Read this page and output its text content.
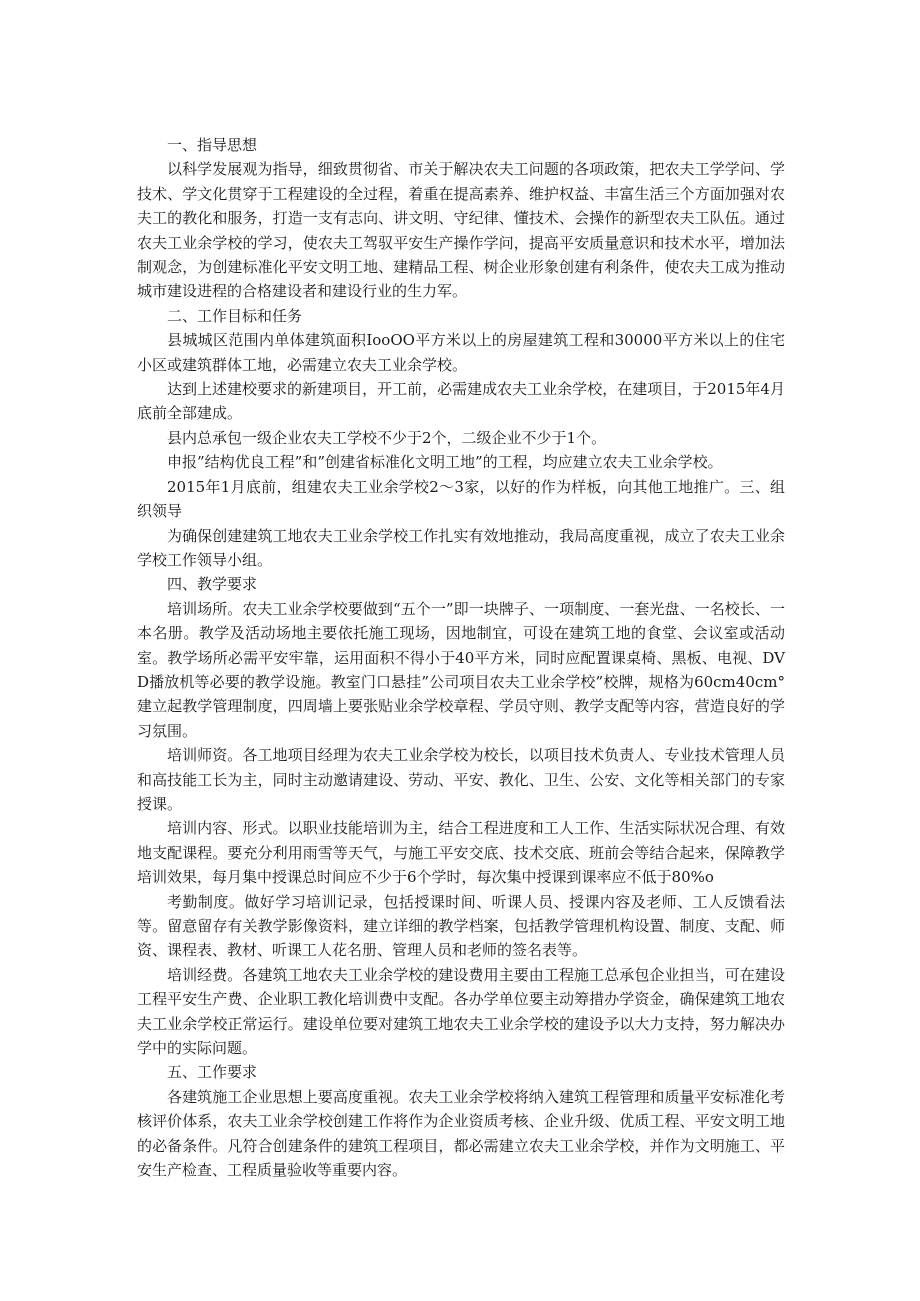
一、指导思想

以科学发展观为指导，细致贯彻省、市关于解决农夫工问题的各项政策，把农夫工学学问、学技术、学文化贯穿于工程建设的全过程，着重在提高素养、维护权益、丰富生活三个方面加强对农夫工的教化和服务，打造一支有志向、讲文明、守纪律、懂技术、会操作的新型农夫工队伍。通过农夫工业余学校的学习，使农夫工驾驭平安生产操作学问，提高平安质量意识和技术水平，增加法制观念，为创建标准化平安文明工地、建精品工程、树企业形象创建有利条件，使农夫工成为推动城市建设进程的合格建设者和建设行业的生力军。

二、工作目标和任务

县城城区范围内单体建筑面积IooOO平方米以上的房屋建筑工程和30000平方米以上的住宅小区或建筑群体工地，必需建立农夫工业余学校。

达到上述建校要求的新建项目，开工前，必需建成农夫工业余学校，在建项目，于2015年4月底前全部建成。

县内总承包一级企业农夫工学校不少于2个，二级企业不少于1个。

申报”结构优良工程”和”创建省标准化文明工地”的工程，均应建立农夫工业余学校。

2015年1月底前，组建农夫工业余学校2～3家，以好的作为样板，向其他工地推广。三、组织领导

为确保创建建筑工地农夫工业余学校工作扎实有效地推动，我局高度重视，成立了农夫工业余学校工作领导小组。

四、教学要求

培训场所。农夫工业余学校要做到“五个一”即一块牌子、一项制度、一套光盘、一名校长、一本名册。教学及活动场地主要依托施工现场，因地制宜，可设在建筑工地的食堂、会议室或活动室。教学场所必需平安牢靠，运用面积不得小于40平方米，同时应配置课桌椅、黑板、电视、DVD播放机等必要的教学设施。教室门口悬挂”公司项目农夫工业余学校”校牌，规格为60cm40cm°建立起教学管理制度，四周墙上要张贴业余学校章程、学员守则、教学支配等内容，营造良好的学习氛围。

培训师资。各工地项目经理为农夫工业余学校为校长，以项目技术负责人、专业技术管理人员和高技能工长为主，同时主动邀请建设、劳动、平安、教化、卫生、公安、文化等相关部门的专家授课。

培训内容、形式。以职业技能培训为主，结合工程进度和工人工作、生活实际状况合理、有效地支配课程。要充分利用雨雪等天气，与施工平安交底、技术交底、班前会等结合起来，保障教学培训效果，每月集中授课总时间应不少于6个学时，每次集中授课到课率应不低于80%o

考勤制度。做好学习培训记录，包括授课时间、听课人员、授课内容及老师、工人反馈看法等。留意留存有关教学影像资料，建立详细的教学档案，包括教学管理机构设置、制度、支配、师资、课程表、教材、听课工人花名册、管理人员和老师的签名表等。

培训经费。各建筑工地农夫工业余学校的建设费用主要由工程施工总承包企业担当，可在建设工程平安生产费、企业职工教化培训费中支配。各办学单位要主动筹措办学资金，确保建筑工地农夫工业余学校正常运行。建设单位要对建筑工地农夫工业余学校的建设予以大力支持，努力解决办学中的实际问题。

五、工作要求

各建筑施工企业思想上要高度重视。农夫工业余学校将纳入建筑工程管理和质量平安标准化考核评价体系，农夫工业余学校创建工作将作为企业资质考核、企业升级、优质工程、平安文明工地的必备条件。凡符合创建条件的建筑工程项目，都必需建立农夫工业余学校，并作为文明施工、平安生产检查、工程质量验收等重要内容。
